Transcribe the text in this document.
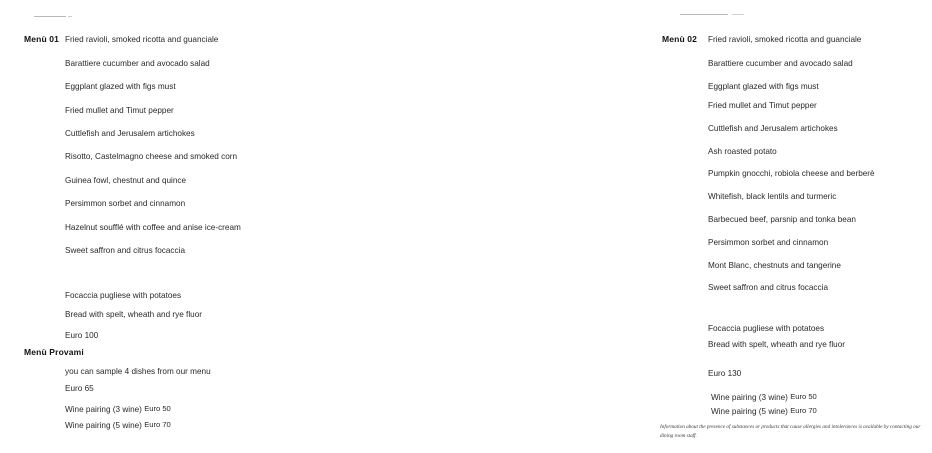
Menù 01 Fried ravioli, smoked ricotta and guanciale
Barattiere cucumber and avocado salad
Eggplant glazed with figs must
Fried mullet and Timut pepper
Cuttlefish and Jerusalem artichokes
Risotto, Castelmagno cheese and smoked corn
Guinea fowl, chestnut and quince
Persimmon sorbet and cinnamon
Hazelnut soufflé with coffee and anise ice-cream
Sweet saffron and citrus focaccia
Focaccia pugliese with potatoes
Bread with spelt, wheath and rye fluor
Euro 100
Menù Provami
you can sample 4 dishes from our menu
Euro 65
Wine pairing (3 wine) Euro 50
Wine pairing (5 wine) Euro 70
Menù 02 Fried ravioli, smoked ricotta and guanciale
Barattiere cucumber and avocado salad
Eggplant glazed with figs must
Fried mullet and Timut pepper
Cuttlefish and Jerusalem artichokes
Ash roasted potato
Pumpkin gnocchi, robiola cheese and berberè
Whitefish, black lentils and turmeric
Barbecued beef, parsnip and tonka bean
Persimmon sorbet and cinnamon
Mont Blanc, chestnuts and tangerine
Sweet saffron and citrus focaccia
Focaccia pugliese with potatoes
Bread with spelt, wheath and rye fluor
Euro 130
Wine pairing (3 wine) Euro 50
Wine pairing (5 wine) Euro 70
Information about the presence of substances or products that cause allergies and intolerances is available by contacting our dining room staff.
